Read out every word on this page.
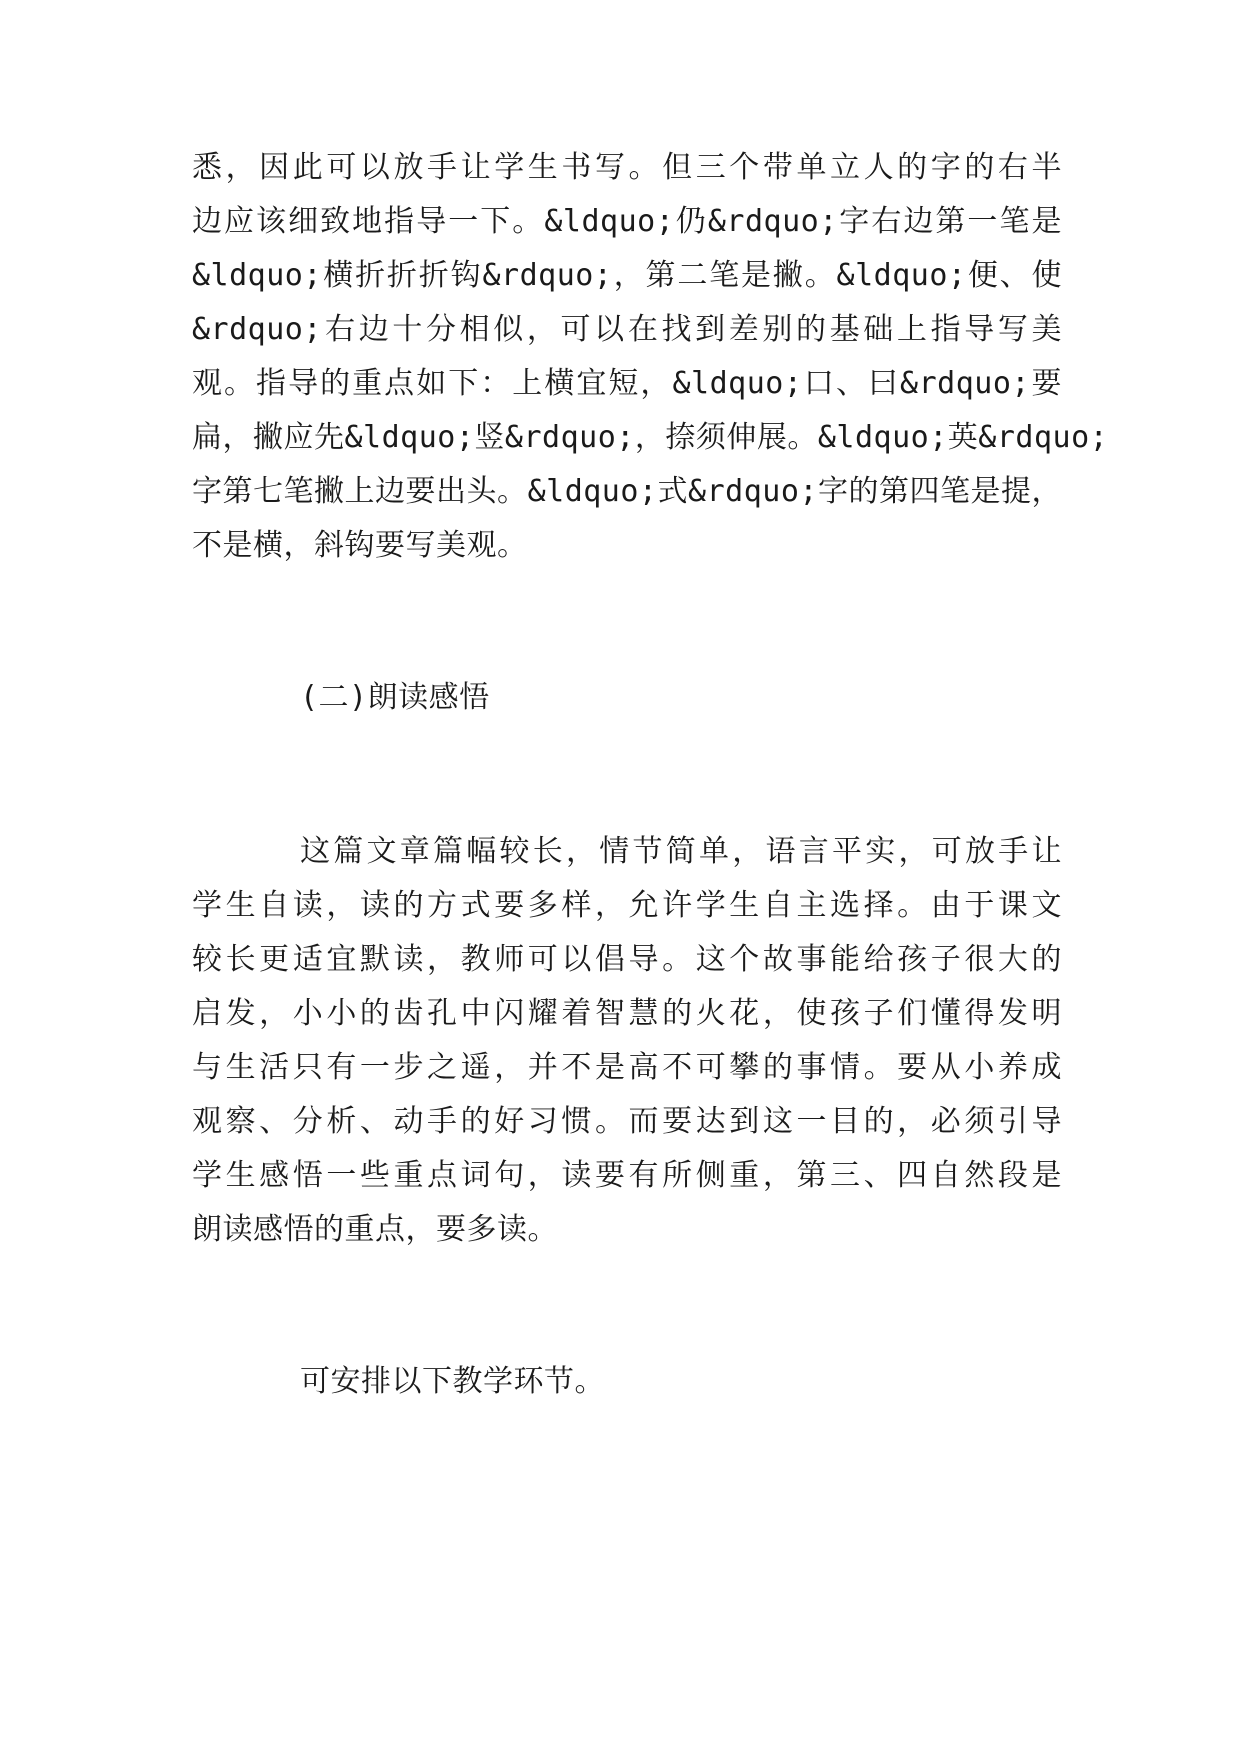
悉，因此可以放手让学生书写。但三个带单立人的字的右半
边应该细致地指导一下。&ldquo;仍&rdquo;字右边第一笔是
&ldquo;横折折折钩&rdquo;，第二笔是撇。&ldquo;便、使
&rdquo;右边十分相似，可以在找到差别的基础上指导写美
观。指导的重点如下：上横宜短，&ldquo;口、曰&rdquo;要
扁，撇应先&ldquo;竖&rdquo;，捺须伸展。&ldquo;英&rdquo;
字第七笔撇上边要出头。&ldquo;式&rdquo;字的第四笔是提，
不是横，斜钩要写美观。
(二)朗读感悟
这篇文章篇幅较长，情节简单，语言平实，可放手让
学生自读，读的方式要多样，允许学生自主选择。由于课文
较长更适宜默读，教师可以倡导。这个故事能给孩子很大的
启发，小小的齿孔中闪耀着智慧的火花，使孩子们懂得发明
与生活只有一步之遥，并不是高不可攀的事情。要从小养成
观察、分析、动手的好习惯。而要达到这一目的，必须引导
学生感悟一些重点词句，读要有所侧重，第三、四自然段是
朗读感悟的重点，要多读。
可安排以下教学环节。
